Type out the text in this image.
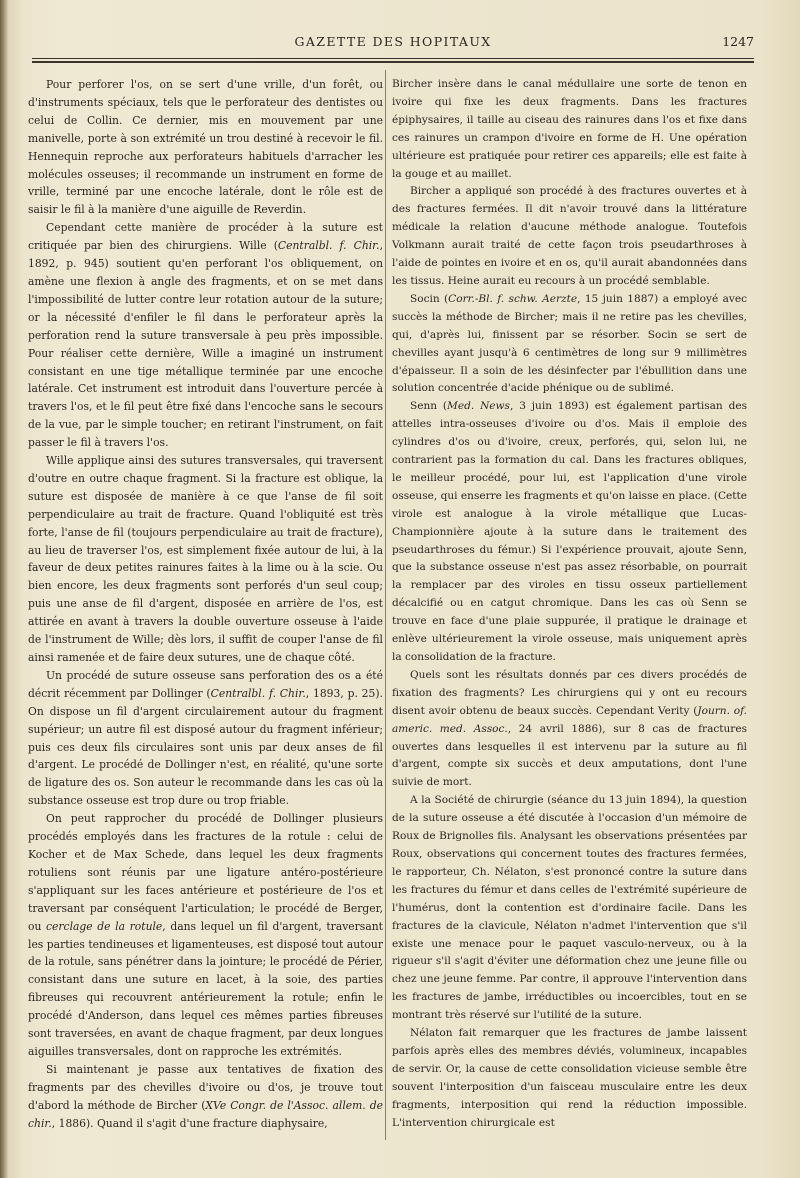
GAZETTE DES HOPITAUX	1247

Pour perforer l'os, on se sert d'une vrille, d'un forêt, ou d'instruments spéciaux, tels que le perforateur des dentistes ou celui de Collin. Ce dernier, mis en mouvement par une manivelle, porte à son extrémité un trou destiné à recevoir le fil. Hennequin reproche aux perforateurs habituels d'arracher les molécules osseuses; il recommande un instrument en forme de vrille, terminé par une encoche latérale, dont le rôle est de saisir le fil à la manière d'une aiguille de Reverdin.

Cependant cette manière de procéder à la suture est critiquée par bien des chirurgiens. Wille (Centralbl. f. Chir., 1892, p. 945) soutient qu'en perforant l'os obliquement, on amène une flexion à angle des fragments, et on se met dans l'impossibilité de lutter contre leur rotation autour de la suture; or la nécessité d'enfiler le fil dans le perforateur après la perforation rend la suture transversale à peu près impossible. Pour réaliser cette dernière, Wille a imaginé un instrument consistant en une tige métallique terminée par une encoche latérale. Cet instrument est introduit dans l'ouverture percée à travers l'os, et le fil peut être fixé dans l'encoche sans le secours de la vue, par le simple toucher; en retirant l'instrument, on fait passer le fil à travers l'os.

Wille applique ainsi des sutures transversales, qui traversent d'outre en outre chaque fragment. Si la fracture est oblique, la suture est disposée de manière à ce que l'anse de fil soit perpendiculaire au trait de fracture. Quand l'obliquité est très forte, l'anse de fil (toujours perpendiculaire au trait de fracture), au lieu de traverser l'os, est simplement fixée autour de lui, à la faveur de deux petites rainures faites à la lime ou à la scie. Ou bien encore, les deux fragments sont perforés d'un seul coup; puis une anse de fil d'argent, disposée en arrière de l'os, est attirée en avant à travers la double ouverture osseuse à l'aide de l'instrument de Wille; dès lors, il suffit de couper l'anse de fil ainsi ramenée et de faire deux sutures, une de chaque côté.

Un procédé de suture osseuse sans perforation des os a été décrit récemment par Dollinger (Centralbl. f. Chir., 1893, p. 25). On dispose un fil d'argent circulairement autour du fragment supérieur; un autre fil est disposé autour du fragment inférieur; puis ces deux fils circulaires sont unis par deux anses de fil d'argent. Le procédé de Dollinger n'est, en réalité, qu'une sorte de ligature des os. Son auteur le recommande dans les cas où la substance osseuse est trop dure ou trop friable.

On peut rapprocher du procédé de Dollinger plusieurs procédés employés dans les fractures de la rotule : celui de Kocher et de Max Schede, dans lequel les deux fragments rotuliens sont réunis par une ligature antéro-postérieure s'appliquant sur les faces antérieure et postérieure de l'os et traversant par conséquent l'articulation; le procédé de Berger, ou cerclage de la rotule, dans lequel un fil d'argent, traversant les parties tendineuses et ligamenteuses, est disposé tout autour de la rotule, sans pénétrer dans la jointure; le procédé de Périer, consistant dans une suture en lacet, à la soie, des parties fibreuses qui recouvrent antérieurement la rotule; enfin le procédé d'Anderson, dans lequel ces mêmes parties fibreuses sont traversées, en avant de chaque fragment, par deux longues aiguilles transversales, dont on rapproche les extrémités.

Si maintenant je passe aux tentatives de fixation des fragments par des chevilles d'ivoire ou d'os, je trouve tout d'abord la méthode de Bircher (XVe Congr. de l'Assoc. allem. de chir., 1886). Quand il s'agit d'une fracture diaphysaire,

Bircher insère dans le canal médullaire une sorte de tenon en ivoire qui fixe les deux fragments. Dans les fractures épiphysaires, il taille au ciseau des rainures dans l'os et fixe dans ces rainures un crampon d'ivoire en forme de H. Une opération ultérieure est pratiquée pour retirer ces appareils; elle est faite à la gouge et au maillet.

Bircher a appliqué son procédé à des fractures ouvertes et à des fractures fermées. Il dit n'avoir trouvé dans la littérature médicale la relation d'aucune méthode analogue. Toutefois Volkmann aurait traité de cette façon trois pseudarthroses à l'aide de pointes en ivoire et en os, qu'il aurait abandonnées dans les tissus. Heine aurait eu recours à un procédé semblable.

Socin (Corr.-Bl. f. schw. Aerzte, 15 juin 1887) a employé avec succès la méthode de Bircher; mais il ne retire pas les chevilles, qui, d'après lui, finissent par se résorber. Socin se sert de chevilles ayant jusqu'à 6 centimètres de long sur 9 millimètres d'épaisseur. Il a soin de les désinfecter par l'ébullition dans une solution concentrée d'acide phénique ou de sublimé.

Senn (Med. News, 3 juin 1893) est également partisan des attelles intra-osseuses d'ivoire ou d'os. Mais il emploie des cylindres d'os ou d'ivoire, creux, perforés, qui, selon lui, ne contrarient pas la formation du cal. Dans les fractures obliques, le meilleur procédé, pour lui, est l'application d'une virole osseuse, qui enserre les fragments et qu'on laisse en place. (Cette virole est analogue à la virole métallique que Lucas-Championnière ajoute à la suture dans le traitement des pseudarthroses du fémur.) Si l'expérience prouvait, ajoute Senn, que la substance osseuse n'est pas assez résorbable, on pourrait la remplacer par des viroles en tissu osseux partiellement décalcifié ou en catgut chromique. Dans les cas où Senn se trouve en face d'une plaie suppurée, il pratique le drainage et enlève ultérieurement la virole osseuse, mais uniquement après la consolidation de la fracture.

Quels sont les résultats donnés par ces divers procédés de fixation des fragments? Les chirurgiens qui y ont eu recours disent avoir obtenu de beaux succès. Cependant Verity (Journ. of. americ. med. Assoc., 24 avril 1886), sur 8 cas de fractures ouvertes dans lesquelles il est intervenu par la suture au fil d'argent, compte six succès et deux amputations, dont l'une suivie de mort.

A la Société de chirurgie (séance du 13 juin 1894), la question de la suture osseuse a été discutée à l'occasion d'un mémoire de Roux de Brignolles fils. Analysant les observations présentées par Roux, observations qui concernent toutes des fractures fermées, le rapporteur, Ch. Nélaton, s'est prononcé contre la suture dans les fractures du fémur et dans celles de l'extrémité supérieure de l'humérus, dont la contention est d'ordinaire facile. Dans les fractures de la clavicule, Nélaton n'admet l'intervention que s'il existe une menace pour le paquet vasculo-nerveux, ou à la rigueur s'il s'agit d'éviter une déformation chez une jeune fille ou chez une jeune femme. Par contre, il approuve l'intervention dans les fractures de jambe, irréductibles ou incoercibles, tout en se montrant très réservé sur l'utilité de la suture.

Nélaton fait remarquer que les fractures de jambe laissent parfois après elles des membres déviés, volumineux, incapables de servir. Or, la cause de cette consolidation vicieuse semble être souvent l'interposition d'un faisceau musculaire entre les deux fragments, interposition qui rend la réduction impossible. L'intervention chirurgicale est
